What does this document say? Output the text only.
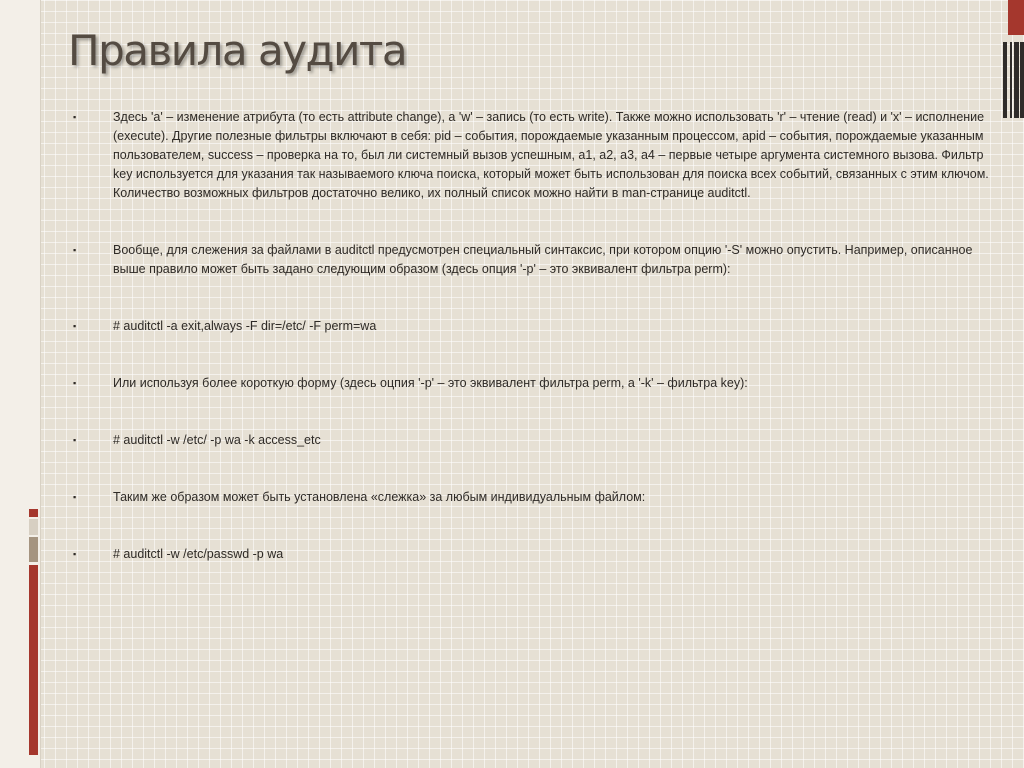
Правила аудита
▪	Здесь 'a' – изменение атрибута (то есть attribute change), а 'w' – запись (то есть write). Также можно использовать 'r' – чтение (read) и 'x' – исполнение (execute). Другие полезные фильтры включают в себя: pid – события, порождаемые указанным процессом, apid – события, порождаемые указанным пользователем, success – проверка на то, был ли системный вызов успешным, a1, a2, a3, a4 – первые четыре аргумента системного вызова. Фильтр key используется для указания так называемого ключа поиска, который может быть использован для поиска всех событий, связанных с этим ключом. Количество возможных фильтров достаточно велико, их полный список можно найти в man-странице auditctl.
▪	Вообще, для слежения за файлами в auditctl предусмотрен специальный синтаксис, при котором опцию '-S' можно опустить. Например, описанное выше правило может быть задано следующим образом (здесь опция '-p' – это эквивалент фильтра perm):
▪	# auditctl -a exit,always -F dir=/etc/ -F perm=wa
▪	Или используя более короткую форму (здесь оцпия '-p' – это эквивалент фильтра perm, а '-k' – фильтра key):
▪	# auditctl -w /etc/ -p wa -k access_etc
▪	Таким же образом может быть установлена «слежка» за любым индивидуальным файлом:
▪	# auditctl -w /etc/passwd -p wa
